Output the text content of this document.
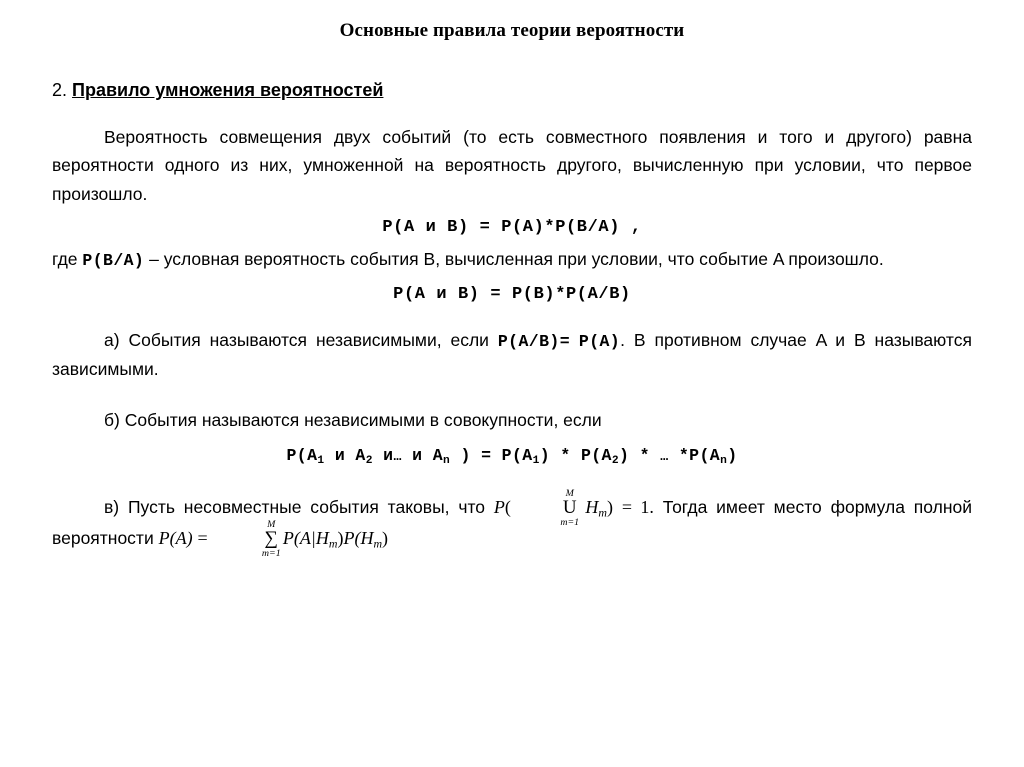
Основные правила теории вероятности
2. Правило умножения вероятностей
Вероятность совмещения двух событий (то есть совместного появления и того и другого) равна вероятности одного из них, умноженной на вероятность другого, вычисленную при условии, что первое произошло.
P(A и B) = P(A)*P(B/A) ,
где P(B/A) – условная вероятность события B, вычисленная при условии, что событие A произошло.
P(A и B) = P(B)*P(A/B)
а) События называются независимыми, если P(A/B)= P(A). В противном случае A и B называются зависимыми.
б) События называются независимыми в совокупности, если
$P(A_1$ и $A_2$ и… и $A_n$ ) = $P(A_1) * P(A_2)$ * … $*P(A_n)$
в) Пусть несовместные события таковы, что P(
M
U
m=1
Hm) = 1. Тогда имеет место формула полной вероятности P(A) =
M
∑
m=1
P(A|Hm)P(Hm)
